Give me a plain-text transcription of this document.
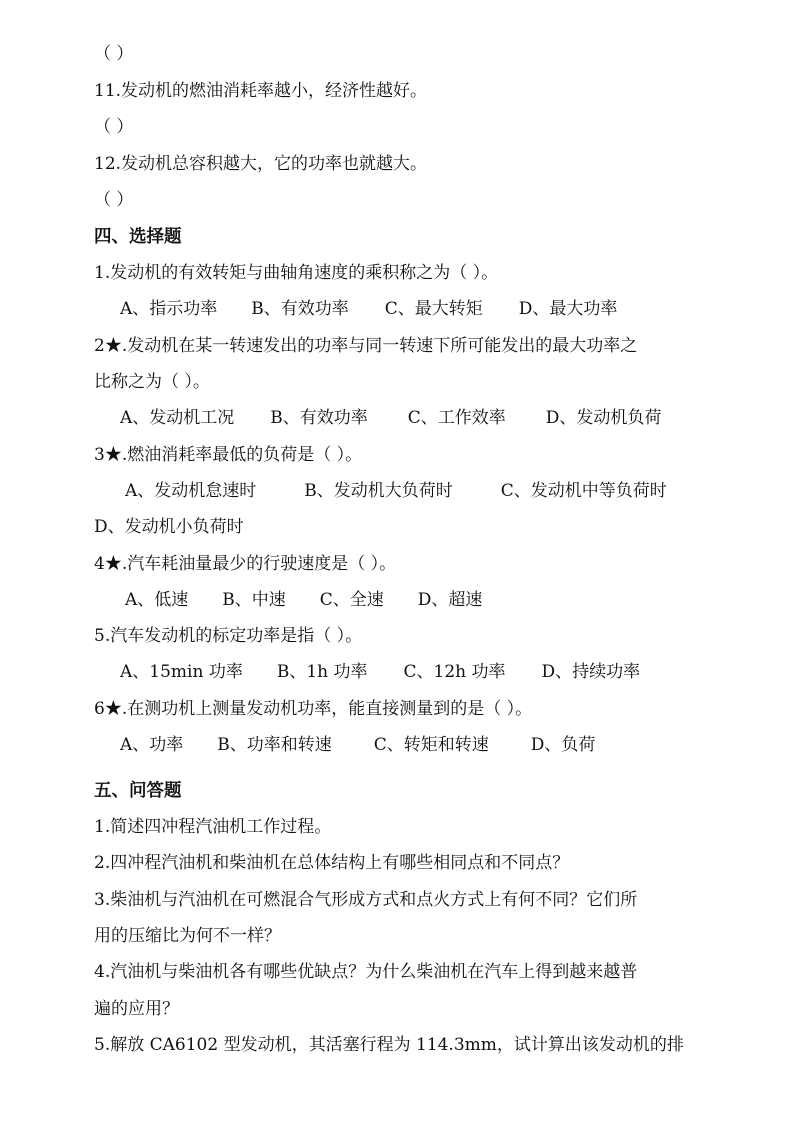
（ ）
11.发动机的燃油消耗率越小，经济性越好。
（ ）
12.发动机总容积越大，它的功率也就越大。
（ ）
四、选择题
1.发动机的有效转矩与曲轴角速度的乘积称之为（ ）。
A、指示功率 B、有效功率 C、最大转矩 D、最大功率
2★.发动机在某一转速发出的功率与同一转速下所可能发出的最大功率之
比称之为（ ）。
A、发动机工况 B、有效功率 C、工作效率 D、发动机负荷
3★.燃油消耗率最低的负荷是（ ）。
A、发动机怠速时	B、发动机大负荷时	C、发动机中等负荷时
D、发动机小负荷时
4★.汽车耗油量最少的行驶速度是（ ）。
A、低速 B、中速 C、全速 D、超速
5.汽车发动机的标定功率是指（ ）。
A、15min 功率 B、1h 功率 C、12h 功率 D、持续功率
6★.在测功机上测量发动机功率，能直接测量到的是（ ）。
A、功率 B、功率和转速 C、转矩和转速 D、负荷
五、问答题
1.简述四冲程汽油机工作过程。
2.四冲程汽油机和柴油机在总体结构上有哪些相同点和不同点？
3.柴油机与汽油机在可燃混合气形成方式和点火方式上有何不同？它们所
用的压缩比为何不一样？
4.汽油机与柴油机各有哪些优缺点？为什么柴油机在汽车上得到越来越普
遍的应用？
5.解放 CA6102 型发动机，其活塞行程为 114.3mm，试计算出该发动机的排
